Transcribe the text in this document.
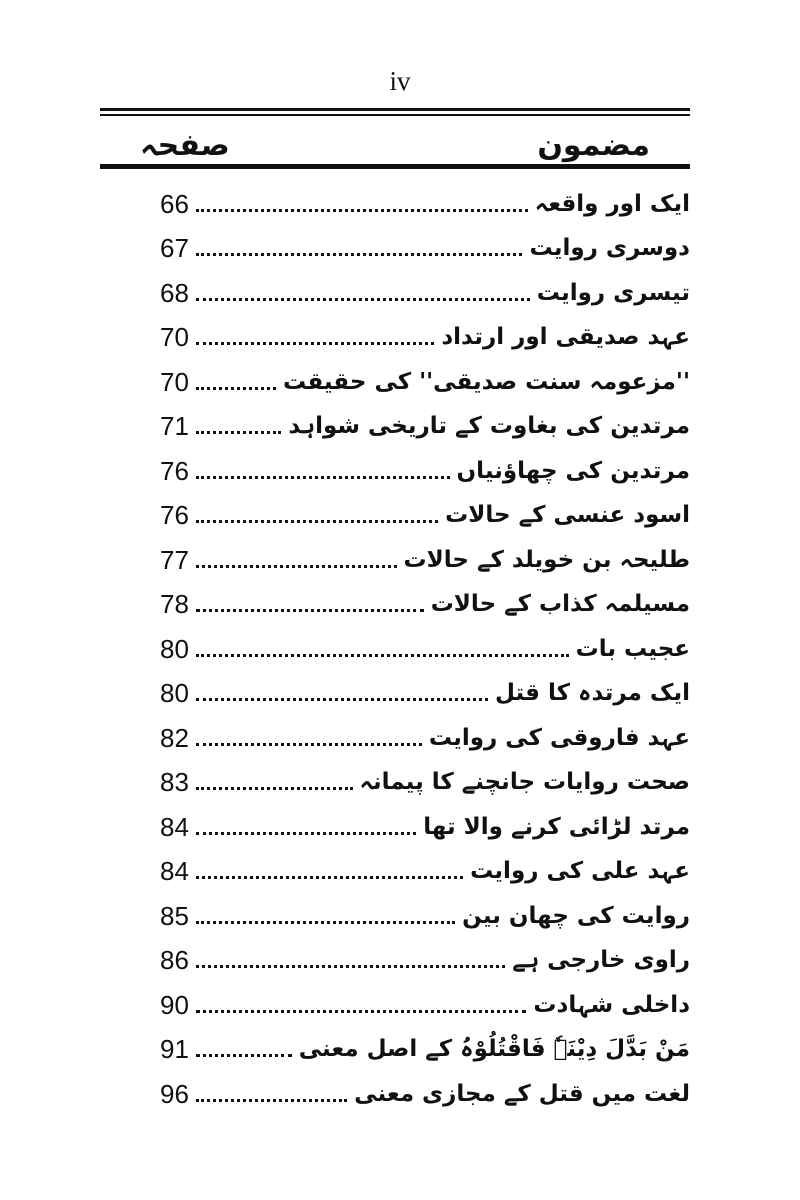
iv
مضمون
صفحہ
ایک اور واقعہ
66
دوسری روایت
67
تیسری روایت
68
عہد صدیقی اور ارتداد
70
''مزعومہ سنت صدیقی'' کی حقیقت
70
مرتدین کی بغاوت کے تاریخی شواہد
71
مرتدین کی چھاؤنیاں
76
اسود عنسی کے حالات
76
طلیحہ بن خویلد کے حالات
77
مسیلمہ کذاب کے حالات
78
عجیب بات
80
ایک مرتدہ کا قتل
80
عہد فاروقی کی روایت
82
صحت روایات جانچنے کا پیمانہ
83
مرتد لڑائی کرنے والا تھا
84
عہد علی کی روایت
84
روایت کی چھان بین
85
راوی خارجی ہے
86
داخلی شہادت
90
مَنْ بَدَّلَ دِیْنَہٗ فَاقْتُلُوْہُ کے اصل معنی
91
لغت میں قتل کے مجازی معنی
96
